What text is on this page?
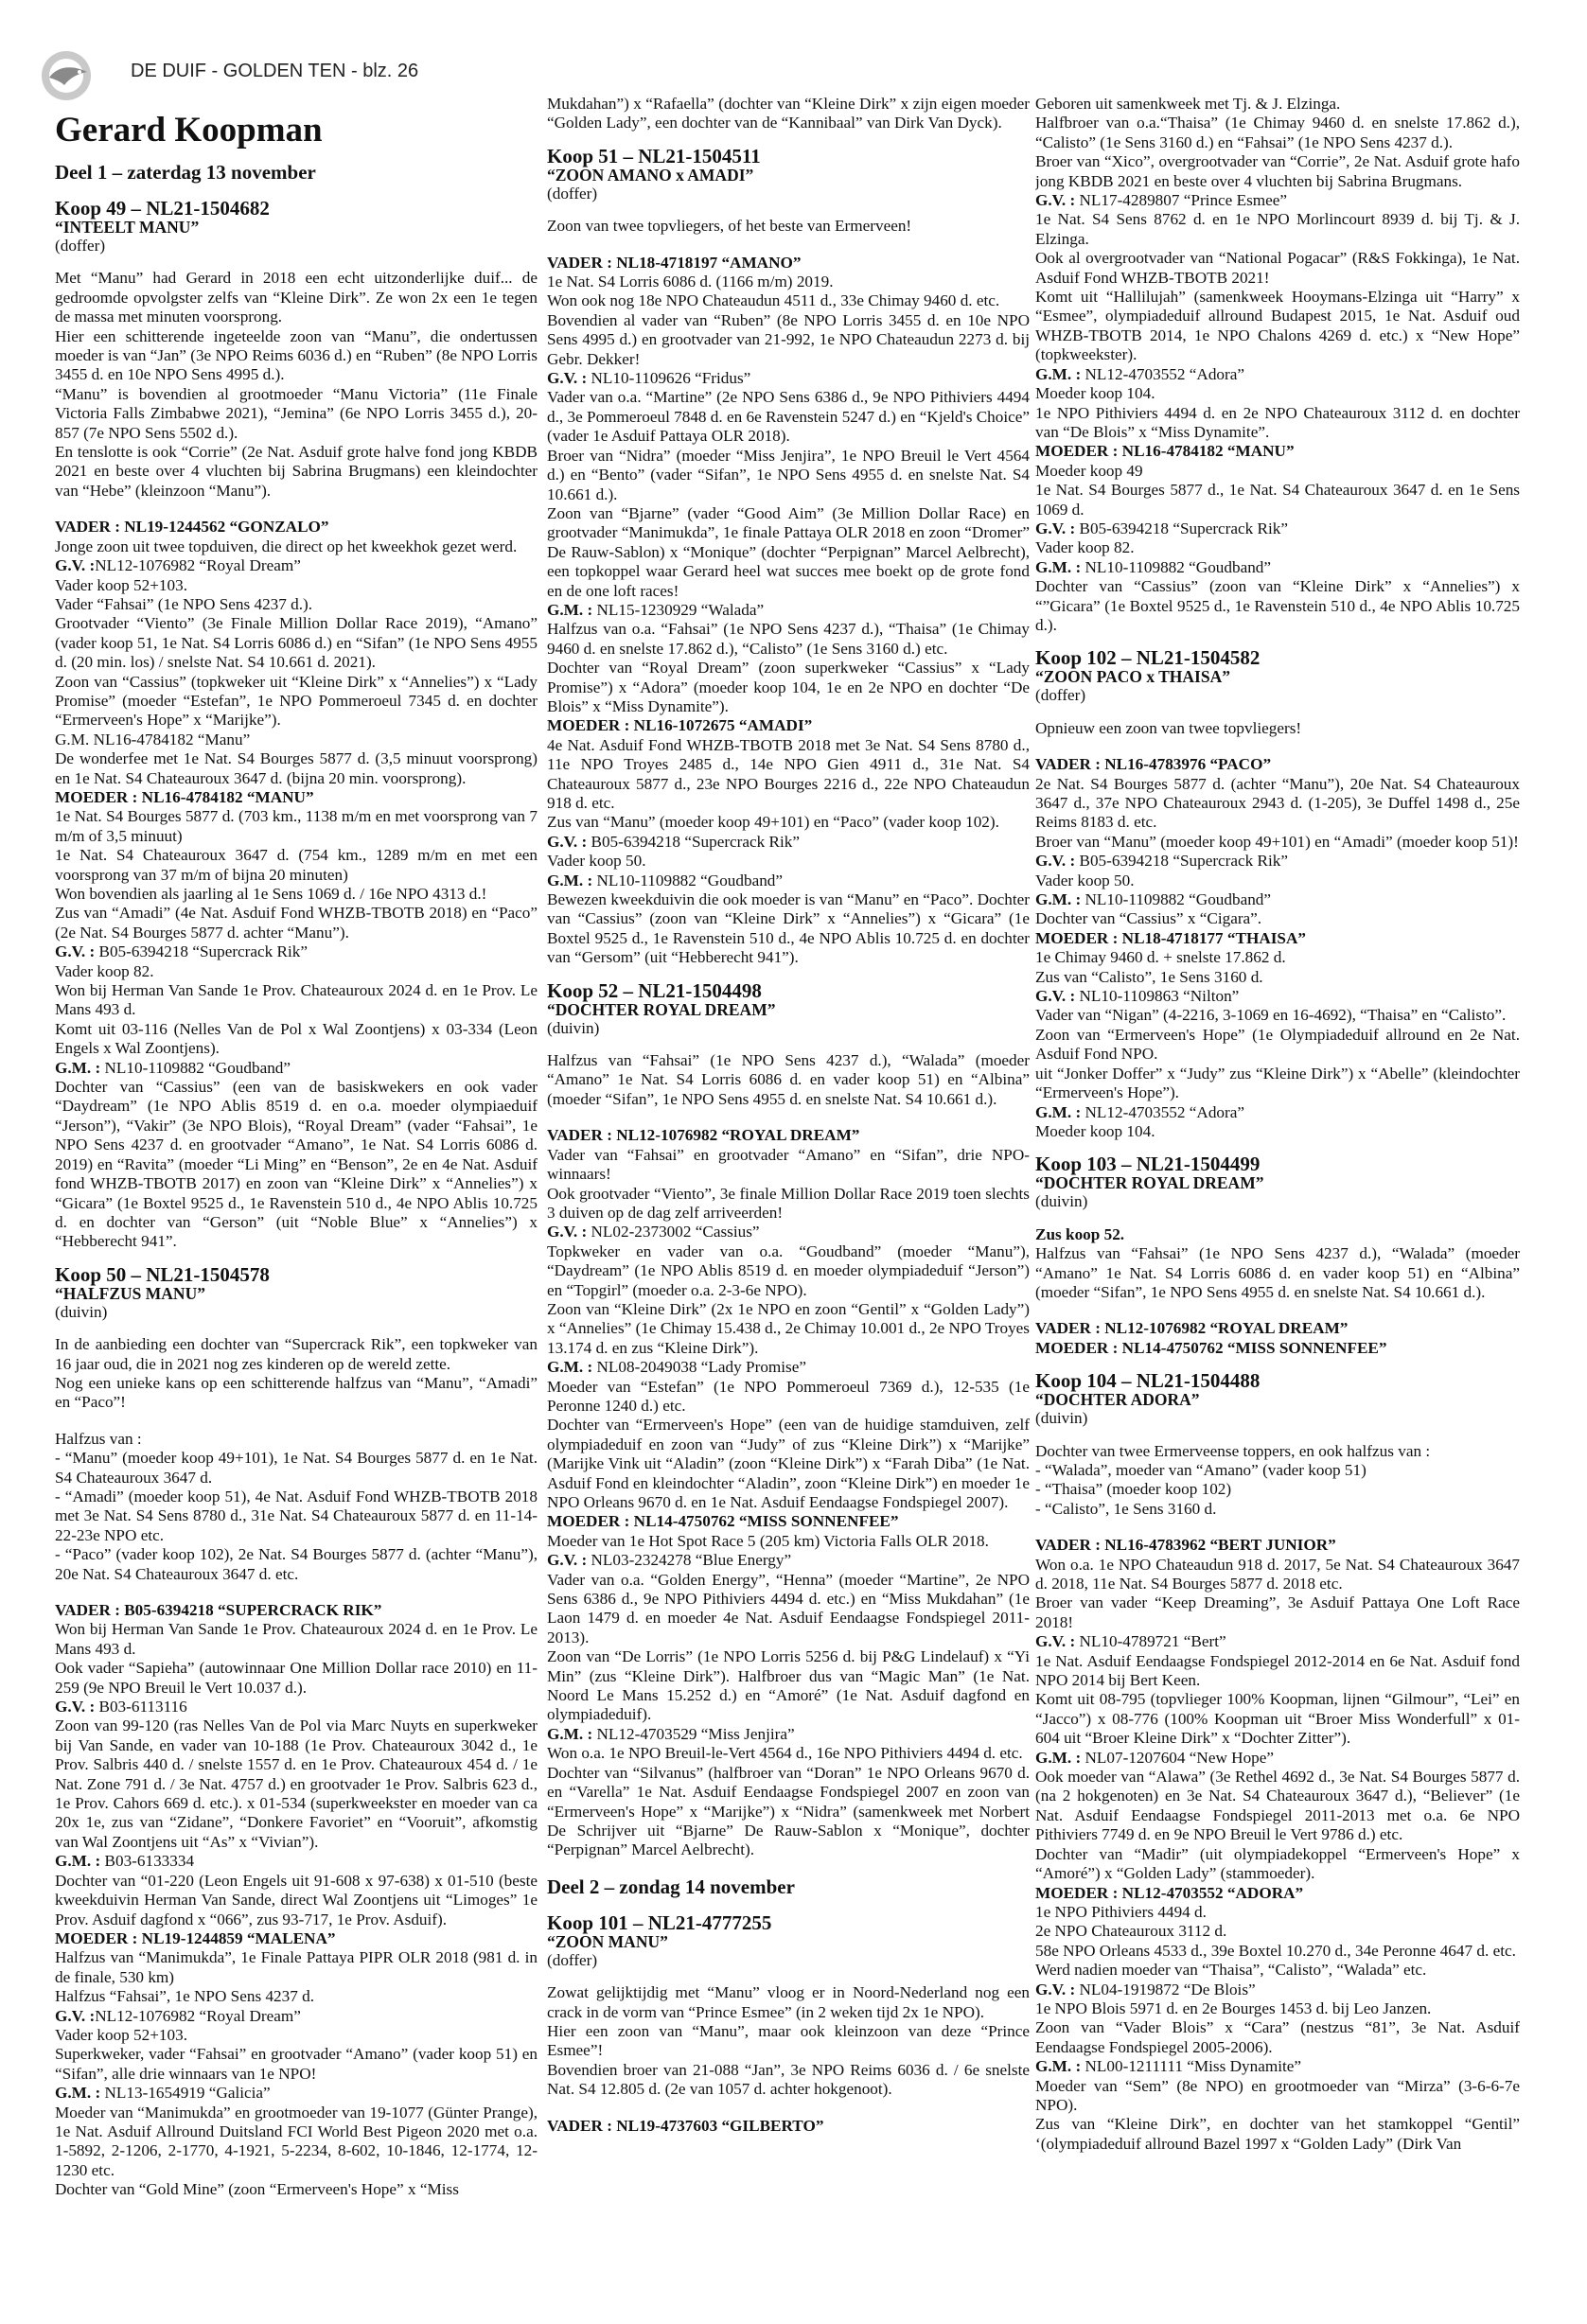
DE DUIF - GOLDEN TEN - blz. 26
Gerard Koopman
Deel 1 – zaterdag 13 november
Koop 49 – NL21-1504682
“INTEELT MANU”
(doffer)
Met “Manu” had Gerard in 2018 een echt uitzonderlijke duif... de gedroomde opvolgster zelfs van “Kleine Dirk”. Ze won 2x een 1e tegen de massa met minuten voorsprong.
Hier een schitterende ingeteelde zoon van “Manu”, die ondertussen moeder is van “Jan” (3e NPO Reims 6036 d.) en “Ruben” (8e NPO Lorris 3455 d. en 10e NPO Sens 4995 d.).
“Manu” is bovendien al grootmoeder “Manu Victoria” (11e Finale Victoria Falls Zimbabwe 2021), “Jemina” (6e NPO Lorris 3455 d.), 20-857 (7e NPO Sens 5502 d.).
En tenslotte is ook “Corrie” (2e Nat. Asduif grote halve fond jong KBDB 2021 en beste over 4 vluchten bij Sabrina Brugmans) een kleindochter van “Hebe” (kleinzoon “Manu”).
VADER : NL19-1244562 “GONZALO”
Jonge zoon uit twee topduiven, die direct op het kweekhok gezet werd.
G.V. :NL12-1076982 “Royal Dream”
Vader koop 52+103.
Vader “Fahsai” (1e NPO Sens 4237 d.).
Grootvader “Viento” (3e Finale Million Dollar Race 2019), “Amano” (vader koop 51, 1e Nat. S4 Lorris 6086 d.) en “Sifan” (1e NPO Sens 4955 d. (20 min. los) / snelste Nat. S4 10.661 d. 2021).
Zoon van “Cassius” (topkweker uit “Kleine Dirk” x “Annelies”) x “Lady Promise” (moeder “Estefan”, 1e NPO Pommeroeul 7345 d. en dochter “Ermerveen's Hope” x “Marijke”).
G.M. NL16-4784182 “Manu”
De wonderfee met 1e Nat. S4 Bourges 5877 d. (3,5 minuut voorsprong) en 1e Nat. S4 Chateauroux 3647 d. (bijna 20 min. voorsprong).
MOEDER : NL16-4784182 “MANU”
1e Nat. S4 Bourges 5877 d. (703 km., 1138 m/m en met voorsprong van 7 m/m of 3,5 minuut)
1e Nat. S4 Chateauroux 3647 d. (754 km., 1289 m/m en met een voorsprong van 37 m/m of bijna 20 minuten)
Won bovendien als jaarling al 1e Sens 1069 d. / 16e NPO 4313 d.!
Zus van “Amadi” (4e Nat. Asduif Fond WHZB-TBOTB 2018) en “Paco” (2e Nat. S4 Bourges 5877 d. achter “Manu”).
G.V. : B05-6394218 “Supercrack Rik”
Vader koop 82.
Won bij Herman Van Sande 1e Prov. Chateauroux 2024 d. en 1e Prov. Le Mans 493 d.
Komt uit 03-116 (Nelles Van de Pol x Wal Zoontjens) x 03-334 (Leon Engels x Wal Zoontjens).
G.M. : NL10-1109882 “Goudband”
Dochter van “Cassius” (een van de basiskwekers en ook vader “Daydream” (1e NPO Ablis 8519 d. en o.a. moeder olympiaeduif “Jerson”), “Vakir” (3e NPO Blois), “Royal Dream” (vader “Fahsai”, 1e NPO Sens 4237 d. en grootvader “Amano”, 1e Nat. S4 Lorris 6086 d. 2019) en “Ravita” (moeder “Li Ming” en “Benson”, 2e en 4e Nat. Asduif fond WHZB-TBOTB 2017) en zoon van “Kleine Dirk” x “Annelies”) x “Gicara” (1e Boxtel 9525 d., 1e Ravenstein 510 d., 4e NPO Ablis 10.725 d. en dochter van “Gerson” (uit “Noble Blue” x “Annelies”) x “Hebberecht 941”.
Koop 50 – NL21-1504578
“HALFZUS MANU”
(duivin)
In de aanbieding een dochter van “Supercrack Rik”, een topkweker van 16 jaar oud, die in 2021 nog zes kinderen op de wereld zette.
Nog een unieke kans op een schitterende halfzus van “Manu”, “Amadi” en “Paco”!
Halfzus van :
- “Manu” (moeder koop 49+101), 1e Nat. S4 Bourges 5877 d. en 1e Nat. S4 Chateauroux 3647 d.
- “Amadi” (moeder koop 51), 4e Nat. Asduif Fond WHZB-TBOTB 2018 met 3e Nat. S4 Sens 8780 d., 31e Nat. S4 Chateauroux 5877 d. en 11-14-22-23e NPO etc.
- “Paco” (vader koop 102), 2e Nat. S4 Bourges 5877 d. (achter “Manu”), 20e Nat. S4 Chateauroux 3647 d. etc.
VADER : B05-6394218 “SUPERCRACK RIK”
Won bij Herman Van Sande 1e Prov. Chateauroux 2024 d. en 1e Prov. Le Mans 493 d.
Ook vader “Sapieha” (autowinnaar One Million Dollar race 2010) en 11-259 (9e NPO Breuil le Vert 10.037 d.).
G.V. : B03-6113116
Zoon van 99-120 (ras Nelles Van de Pol via Marc Nuyts en superkweker bij Van Sande, en vader van 10-188 (1e Prov. Chateauroux 3042 d., 1e Prov. Salbris 440 d. / snelste 1557 d. en 1e Prov. Chateauroux 454 d. / 1e Nat. Zone 791 d. / 3e Nat. 4757 d.) en grootvader 1e Prov. Salbris 623 d., 1e Prov. Cahors 669 d. etc.). x 01-534 (superkweekster en moeder van ca 20x 1e, zus van “Zidane”, “Donkere Favoriet” en “Vooruit”, afkomstig van Wal Zoontjens uit “As” x “Vivian”).
G.M. : B03-6133334
Dochter van “01-220 (Leon Engels uit 91-608 x 97-638) x 01-510 (beste kweekduivin Herman Van Sande, direct Wal Zoontjens uit “Limoges” 1e Prov. Asduif dagfond x “066”, zus 93-717, 1e Prov. Asduif).
MOEDER : NL19-1244859 “MALENA”
Halfzus van “Manimukda”, 1e Finale Pattaya PIPR OLR 2018 (981 d. in de finale, 530 km)
Halfzus “Fahsai”, 1e NPO Sens 4237 d.
G.V. :NL12-1076982 “Royal Dream”
Vader koop 52+103.
Superkweker, vader “Fahsai” en grootvader “Amano” (vader koop 51) en “Sifan”, alle drie winnaars van 1e NPO!
G.M. : NL13-1654919 “Galicia”
Moeder van “Manimukda” en grootmoeder van 19-1077 (Günter Prange), 1e Nat. Asduif Allround Duitsland FCI World Best Pigeon 2020 met o.a. 1-5892, 2-1206, 2-1770, 4-1921, 5-2234, 8-602, 10-1846, 12-1774, 12-1230 etc.
Dochter van “Gold Mine” (zoon “Ermerveen's Hope” x “Miss
Mukdahan”) x “Rafaella” (dochter van “Kleine Dirk” x zijn eigen moeder “Golden Lady”, een dochter van de “Kannibaal” van Dirk Van Dyck).
Koop 51 – NL21-1504511
“ZOON AMANO x AMADI”
(doffer)
Zoon van twee topvliegers, of het beste van Ermerveen!
VADER : NL18-4718197 “AMANO”
1e Nat. S4 Lorris 6086 d. (1166 m/m) 2019.
Won ook nog 18e NPO Chateaudun 4511 d., 33e Chimay 9460 d. etc.
Bovendien al vader van “Ruben” (8e NPO Lorris 3455 d. en 10e NPO Sens 4995 d.) en grootvader van 21-992, 1e NPO Chateaudun 2273 d. bij Gebr. Dekker!
G.V. : NL10-1109626 “Fridus”
Vader van o.a. “Martine” (2e NPO Sens 6386 d., 9e NPO Pithiviers 4494 d., 3e Pommeroeul 7848 d. en 6e Ravenstein 5247 d.) en “Kjeld's Choice” (vader 1e Asduif Pattaya OLR 2018).
Broer van “Nidra” (moeder “Miss Jenjira”, 1e NPO Breuil le Vert 4564 d.) en “Bento” (vader “Sifan”, 1e NPO Sens 4955 d. en snelste Nat. S4 10.661 d.).
Zoon van “Bjarne” (vader “Good Aim” (3e Million Dollar Race) en grootvader “Manimukda”, 1e finale Pattaya OLR 2018 en zoon “Dromer” De Rauw-Sablon) x “Monique” (dochter “Perpignan” Marcel Aelbrecht), een topkoppel waar Gerard heel wat succes mee boekt op de grote fond en de one loft races!
G.M. : NL15-1230929 “Walada”
Halfzus van o.a. “Fahsai” (1e NPO Sens 4237 d.), “Thaisa” (1e Chimay 9460 d. en snelste 17.862 d.), “Calisto” (1e Sens 3160 d.) etc.
Dochter van “Royal Dream” (zoon superkweker “Cassius” x “Lady Promise”) x “Adora” (moeder koop 104, 1e en 2e NPO en dochter “De Blois” x “Miss Dynamite”).
MOEDER : NL16-1072675 “AMADI”
4e Nat. Asduif Fond WHZB-TBOTB 2018 met 3e Nat. S4 Sens 8780 d., 11e NPO Troyes 2485 d., 14e NPO Gien 4911 d., 31e Nat. S4 Chateauroux 5877 d., 23e NPO Bourges 2216 d., 22e NPO Chateaudun 918 d. etc.
Zus van “Manu” (moeder koop 49+101) en “Paco” (vader koop 102).
G.V. : B05-6394218 “Supercrack Rik”
Vader koop 50.
G.M. : NL10-1109882 “Goudband”
Bewezen kweekduivin die ook moeder is van “Manu” en “Paco”. Dochter van “Cassius” (zoon van “Kleine Dirk” x “Annelies”) x “Gicara” (1e Boxtel 9525 d., 1e Ravenstein 510 d., 4e NPO Ablis 10.725 d. en dochter van “Gersom” (uit “Hebberecht 941”).
Koop 52 – NL21-1504498
“DOCHTER ROYAL DREAM”
(duivin)
Halfzus van “Fahsai” (1e NPO Sens 4237 d.), “Walada” (moeder “Amano” 1e Nat. S4 Lorris 6086 d. en vader koop 51) en “Albina” (moeder “Sifan”, 1e NPO Sens 4955 d. en snelste Nat. S4 10.661 d.).
VADER : NL12-1076982 “ROYAL DREAM”
Vader van “Fahsai” en grootvader “Amano” en “Sifan”, drie NPO-winnaars!
Ook grootvader “Viento”, 3e finale Million Dollar Race 2019 toen slechts 3 duiven op de dag zelf arriveerden!
G.V. : NL02-2373002 “Cassius”
Topkweker en vader van o.a. “Goudband” (moeder “Manu”), “Daydream” (1e NPO Ablis 8519 d. en moeder olympiadeduif “Jerson”) en “Topgirl” (moeder o.a. 2-3-6e NPO).
Zoon van “Kleine Dirk” (2x 1e NPO en zoon “Gentil” x “Golden Lady”) x “Annelies” (1e Chimay 15.438 d., 2e Chimay 10.001 d., 2e NPO Troyes 13.174 d. en zus “Kleine Dirk”).
G.M. : NL08-2049038 “Lady Promise”
Moeder van “Estefan” (1e NPO Pommeroeul 7369 d.), 12-535 (1e Peronne 1240 d.) etc.
Dochter van “Ermerveen's Hope” (een van de huidige stamduiven, zelf olympiadeduif en zoon van “Judy” of zus “Kleine Dirk”) x “Marijke” (Marijke Vink uit “Aladin” (zoon “Kleine Dirk”) x “Farah Diba” (1e Nat. Asduif Fond en kleindochter “Aladin”, zoon “Kleine Dirk”) en moeder 1e NPO Orleans 9670 d. en 1e Nat. Asduif Eendaagse Fondspiegel 2007).
MOEDER : NL14-4750762 “MISS SONNENFEE”
Moeder van 1e Hot Spot Race 5 (205 km) Victoria Falls OLR 2018.
G.V. : NL03-2324278 “Blue Energy”
Vader van o.a. “Golden Energy”, “Henna” (moeder “Martine”, 2e NPO Sens 6386 d., 9e NPO Pithiviers 4494 d. etc.) en “Miss Mukdahan” (1e Laon 1479 d. en moeder 4e Nat. Asduif Eendaagse Fondspiegel 2011-2013).
Zoon van “De Lorris” (1e NPO Lorris 5256 d. bij P&G Lindelauf) x “Yi Min” (zus “Kleine Dirk”). Halfbroer dus van “Magic Man” (1e Nat. Noord Le Mans 15.252 d.) en “Amoré” (1e Nat. Asduif dagfond en olympiadeduif).
G.M. : NL12-4703529 “Miss Jenjira”
Won o.a. 1e NPO Breuil-le-Vert 4564 d., 16e NPO Pithiviers 4494 d. etc.
Dochter van “Silvanus” (halfbroer van “Doran” 1e NPO Orleans 9670 d. en “Varella” 1e Nat. Asduif Eendaagse Fondspiegel 2007 en zoon van “Ermerveen's Hope” x “Marijke”) x “Nidra” (samenkweek met Norbert De Schrijver uit “Bjarne” De Rauw-Sablon x “Monique”, dochter “Perpignan” Marcel Aelbrecht).
Deel 2 – zondag 14 november
Koop 101 – NL21-4777255
“ZOON MANU”
(doffer)
Zowat gelijktijdig met “Manu” vloog er in Noord-Nederland nog een crack in de vorm van “Prince Esmee” (in 2 weken tijd 2x 1e NPO).
Hier een zoon van “Manu”, maar ook kleinzoon van deze “Prince Esmee”!
Bovendien broer van 21-088 “Jan”, 3e NPO Reims 6036 d. / 6e snelste Nat. S4 12.805 d. (2e van 1057 d. achter hokgenoot).
VADER : NL19-4737603 “GILBERTO”
Geboren uit samenkweek met Tj. & J. Elzinga.
Halfbroer van o.a.“Thaisa” (1e Chimay 9460 d. en snelste 17.862 d.), “Calisto” (1e Sens 3160 d.) en “Fahsai” (1e NPO Sens 4237 d.).
Broer van “Xico”, overgrootvader van “Corrie”, 2e Nat. Asduif grote hafo jong KBDB 2021 en beste over 4 vluchten bij Sabrina Brugmans.
G.V. : NL17-4289807 “Prince Esmee”
1e Nat. S4 Sens 8762 d. en 1e NPO Morlincourt 8939 d. bij Tj. & J. Elzinga.
Ook al overgrootvader van “National Pogacar” (R&S Fokkinga), 1e Nat. Asduif Fond WHZB-TBOTB 2021!
Komt uit “Hallilujah” (samenkweek Hooymans-Elzinga uit “Harry” x “Esmee”, olympiadeduif allround Budapest 2015, 1e Nat. Asduif oud WHZB-TBOTB 2014, 1e NPO Chalons 4269 d. etc.) x “New Hope” (topkweekster).
G.M. : NL12-4703552 “Adora”
Moeder koop 104.
1e NPO Pithiviers 4494 d. en 2e NPO Chateauroux 3112 d. en dochter van “De Blois” x “Miss Dynamite”.
MOEDER : NL16-4784182 “MANU”
Moeder koop 49
1e Nat. S4 Bourges 5877 d., 1e Nat. S4 Chateauroux 3647 d. en 1e Sens 1069 d.
G.V. : B05-6394218 “Supercrack Rik”
Vader koop 82.
G.M. : NL10-1109882 “Goudband”
Dochter van “Cassius” (zoon van “Kleine Dirk” x “Annelies”) x “”Gicara” (1e Boxtel 9525 d., 1e Ravenstein 510 d., 4e NPO Ablis 10.725 d.).
Koop 102 – NL21-1504582
“ZOON PACO x THAISA”
(doffer)
Opnieuw een zoon van twee topvliegers!
VADER : NL16-4783976 “PACO”
2e Nat. S4 Bourges 5877 d. (achter “Manu”), 20e Nat. S4 Chateauroux 3647 d., 37e NPO Chateauroux 2943 d. (1-205), 3e Duffel 1498 d., 25e Reims 8183 d. etc.
Broer van “Manu” (moeder koop 49+101) en “Amadi” (moeder koop 51)!
G.V. : B05-6394218 “Supercrack Rik”
Vader koop 50.
G.M. : NL10-1109882 “Goudband”
Dochter van “Cassius” x “Cigara”.
MOEDER : NL18-4718177 “THAISA”
1e Chimay 9460 d. + snelste 17.862 d.
Zus van “Calisto”, 1e Sens 3160 d.
G.V. : NL10-1109863 “Nilton”
Vader van “Nigan” (4-2216, 3-1069 en 16-4692), “Thaisa” en “Calisto”.
Zoon van “Ermerveen's Hope” (1e Olympiadeduif allround en 2e Nat. Asduif Fond NPO.
uit “Jonker Doffer” x “Judy” zus “Kleine Dirk”) x “Abelle” (kleindochter “Ermerveen's Hope”).
G.M. : NL12-4703552 “Adora”
Moeder koop 104.
Koop 103 – NL21-1504499
“DOCHTER ROYAL DREAM”
(duivin)
Zus koop 52.
Halfzus van “Fahsai” (1e NPO Sens 4237 d.), “Walada” (moeder “Amano” 1e Nat. S4 Lorris 6086 d. en vader koop 51) en “Albina” (moeder “Sifan”, 1e NPO Sens 4955 d. en snelste Nat. S4 10.661 d.).
VADER : NL12-1076982 “ROYAL DREAM”
MOEDER : NL14-4750762 “MISS SONNENFEE”
Koop 104 – NL21-1504488
“DOCHTER ADORA”
(duivin)
Dochter van twee Ermerveense toppers, en ook halfzus van :
- “Walada”, moeder van “Amano” (vader koop 51)
- “Thaisa” (moeder koop 102)
- “Calisto”, 1e Sens 3160 d.
VADER : NL16-4783962 “BERT JUNIOR”
Won o.a. 1e NPO Chateaudun 918 d. 2017, 5e Nat. S4 Chateauroux 3647 d. 2018, 11e Nat. S4 Bourges 5877 d. 2018 etc.
Broer van vader “Keep Dreaming”, 3e Asduif Pattaya One Loft Race 2018!
G.V. : NL10-4789721 “Bert”
1e Nat. Asduif Eendaagse Fondspiegel 2012-2014 en 6e Nat. Asduif fond NPO 2014 bij Bert Keen.
Komt uit 08-795 (topvlieger 100% Koopman, lijnen “Gilmour”, “Lei” en “Jacco”) x 08-776 (100% Koopman uit “Broer Miss Wonderfull” x 01-604 uit “Broer Kleine Dirk” x “Dochter Zitter”).
G.M. : NL07-1207604 “New Hope”
Ook moeder van “Alawa” (3e Rethel 4692 d., 3e Nat. S4 Bourges 5877 d. (na 2 hokgenoten) en 3e Nat. S4 Chateauroux 3647 d.), “Believer” (1e Nat. Asduif Eendaagse Fondspiegel 2011-2013 met o.a. 6e NPO Pithiviers 7749 d. en 9e NPO Breuil le Vert 9786 d.) etc.
Dochter van “Madir” (uit olympiadekoppel “Ermerveen's Hope” x “Amoré”) x “Golden Lady” (stammoeder).
MOEDER : NL12-4703552 “ADORA”
1e NPO Pithiviers 4494 d.
2e NPO Chateauroux 3112 d.
58e NPO Orleans 4533 d., 39e Boxtel 10.270 d., 34e Peronne 4647 d. etc.
Werd nadien moeder van “Thaisa”, “Calisto”, “Walada” etc.
G.V. : NL04-1919872 “De Blois”
1e NPO Blois 5971 d. en 2e Bourges 1453 d. bij Leo Janzen.
Zoon van “Vader Blois” x “Cara” (nestzus “81”, 3e Nat. Asduif Eendaagse Fondspiegel 2005-2006).
G.M. : NL00-1211111 “Miss Dynamite”
Moeder van “Sem” (8e NPO) en grootmoeder van “Mirza” (3-6-6-7e NPO).
Zus van “Kleine Dirk”, en dochter van het stamkoppel “Gentil” ‘(olympiadeduif allround Bazel 1997 x “Golden Lady” (Dirk Van
